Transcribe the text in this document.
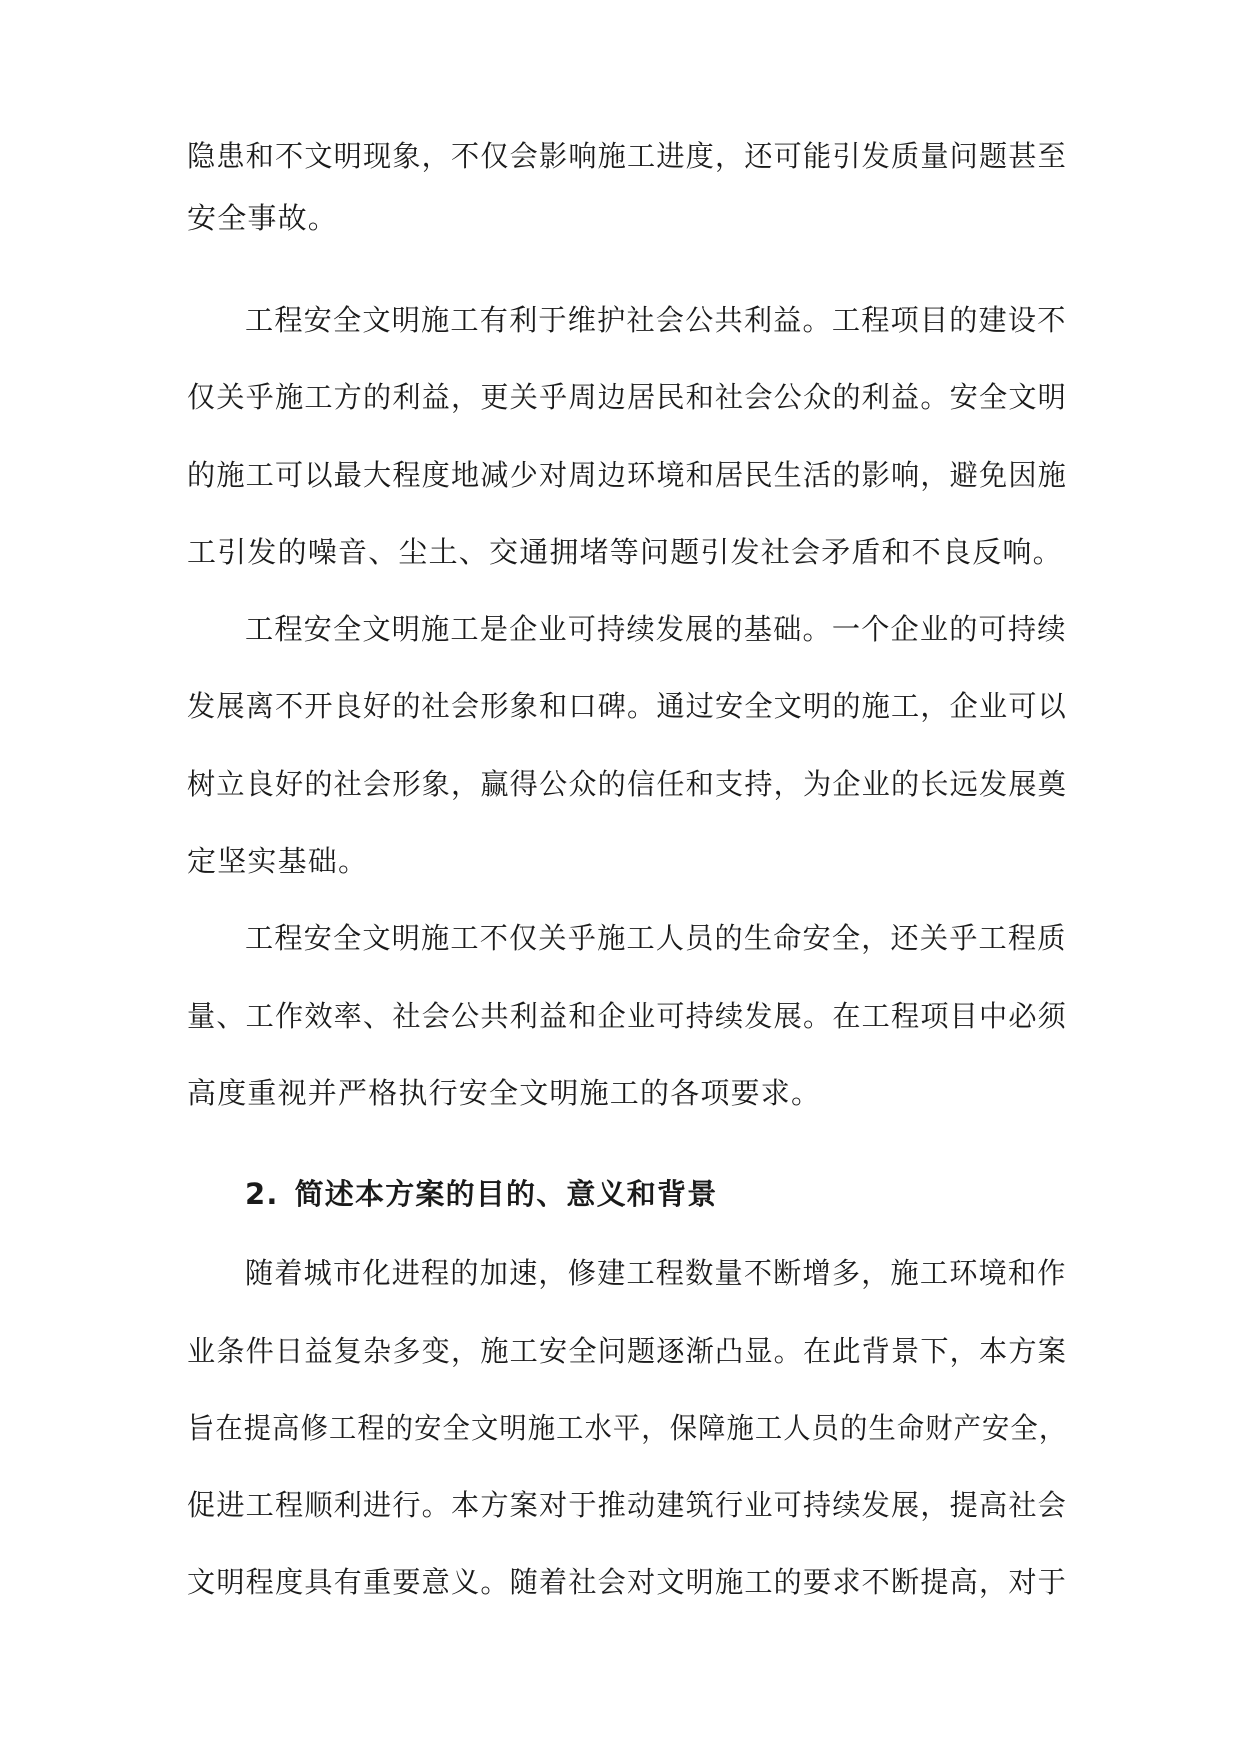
隐患和不文明现象，不仅会影响施工进度，还可能引发质量问题甚至
安全事故。
工程安全文明施工有利于维护社会公共利益。工程项目的建设不
仅关乎施工方的利益，更关乎周边居民和社会公众的利益。安全文明
的施工可以最大程度地减少对周边环境和居民生活的影响，避免因施
工引发的噪音、尘土、交通拥堵等问题引发社会矛盾和不良反响。
工程安全文明施工是企业可持续发展的基础。一个企业的可持续
发展离不开良好的社会形象和口碑。通过安全文明的施工，企业可以
树立良好的社会形象，赢得公众的信任和支持，为企业的长远发展奠
定坚实基础。
工程安全文明施工不仅关乎施工人员的生命安全，还关乎工程质
量、工作效率、社会公共利益和企业可持续发展。在工程项目中必须
高度重视并严格执行安全文明施工的各项要求。
2. 简述本方案的目的、意义和背景
随着城市化进程的加速，修建工程数量不断增多，施工环境和作
业条件日益复杂多变，施工安全问题逐渐凸显。在此背景下，本方案
旨在提高修工程的安全文明施工水平，保障施工人员的生命财产安全，
促进工程顺利进行。本方案对于推动建筑行业可持续发展，提高社会
文明程度具有重要意义。随着社会对文明施工的要求不断提高，对于
